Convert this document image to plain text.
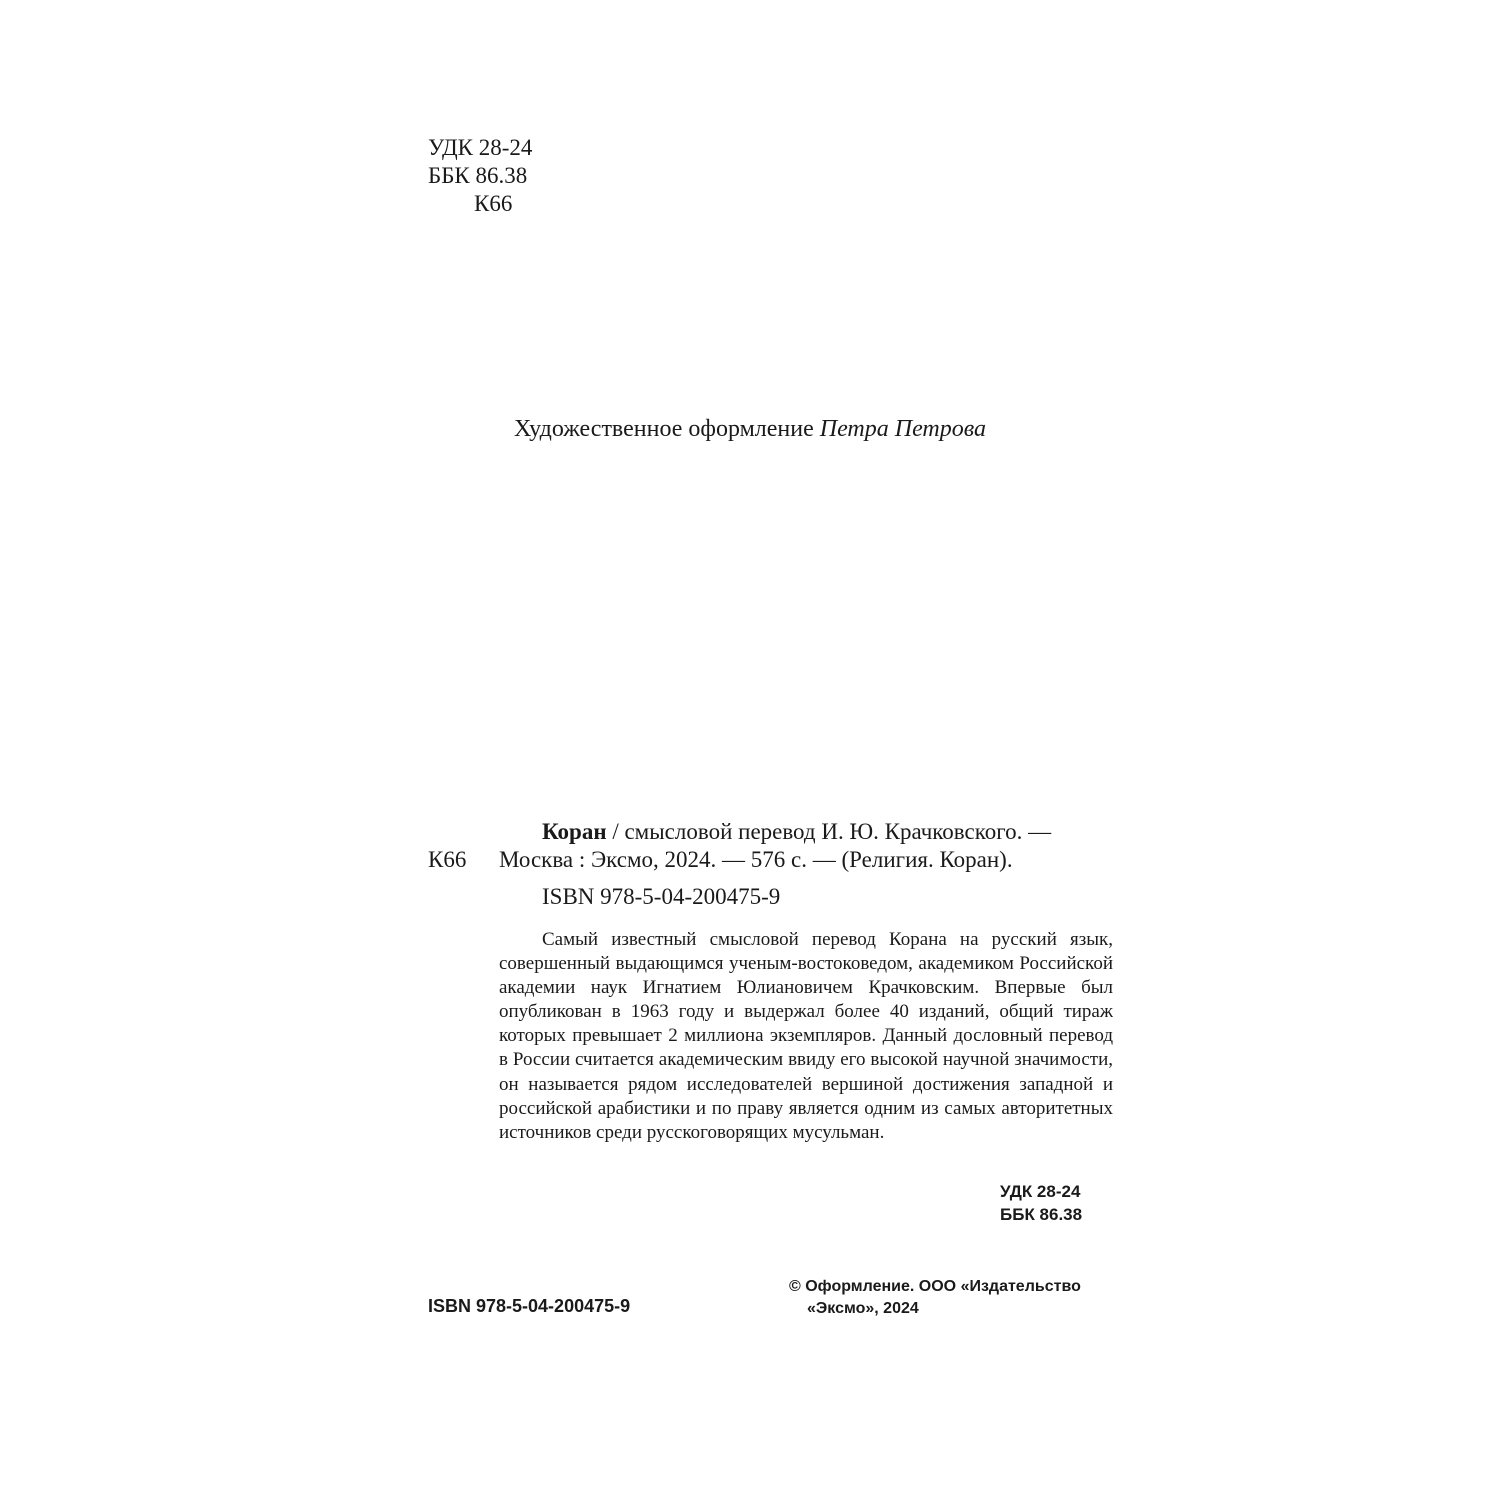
УДК 28-24
ББК 86.38
К66
Художественное оформление Петра Петрова
К66
Коран / смысловой перевод И. Ю. Крачковского. —
Москва : Эксмо, 2024. — 576 с. — (Религия. Коран).
ISBN 978-5-04-200475-9
Самый известный смысловой перевод Корана на русский язык, совершенный выдающимся ученым-востоковедом, академиком Российской академии наук Игнатием Юлиановичем Крачковским. Впервые был опубликован в 1963 году и выдержал более 40 изданий, общий тираж которых превышает 2 миллиона экземпляров. Данный дословный перевод в России считается академическим ввиду его высокой научной значимости, он называется рядом исследователей вершиной достижения западной и российской арабистики и по праву является одним из самых авторитетных источников среди русскоговорящих мусульман.
УДК 28-24
ББК 86.38
ISBN 978-5-04-200475-9
© Оформление. ООО «Издательство
«Эксмо», 2024
